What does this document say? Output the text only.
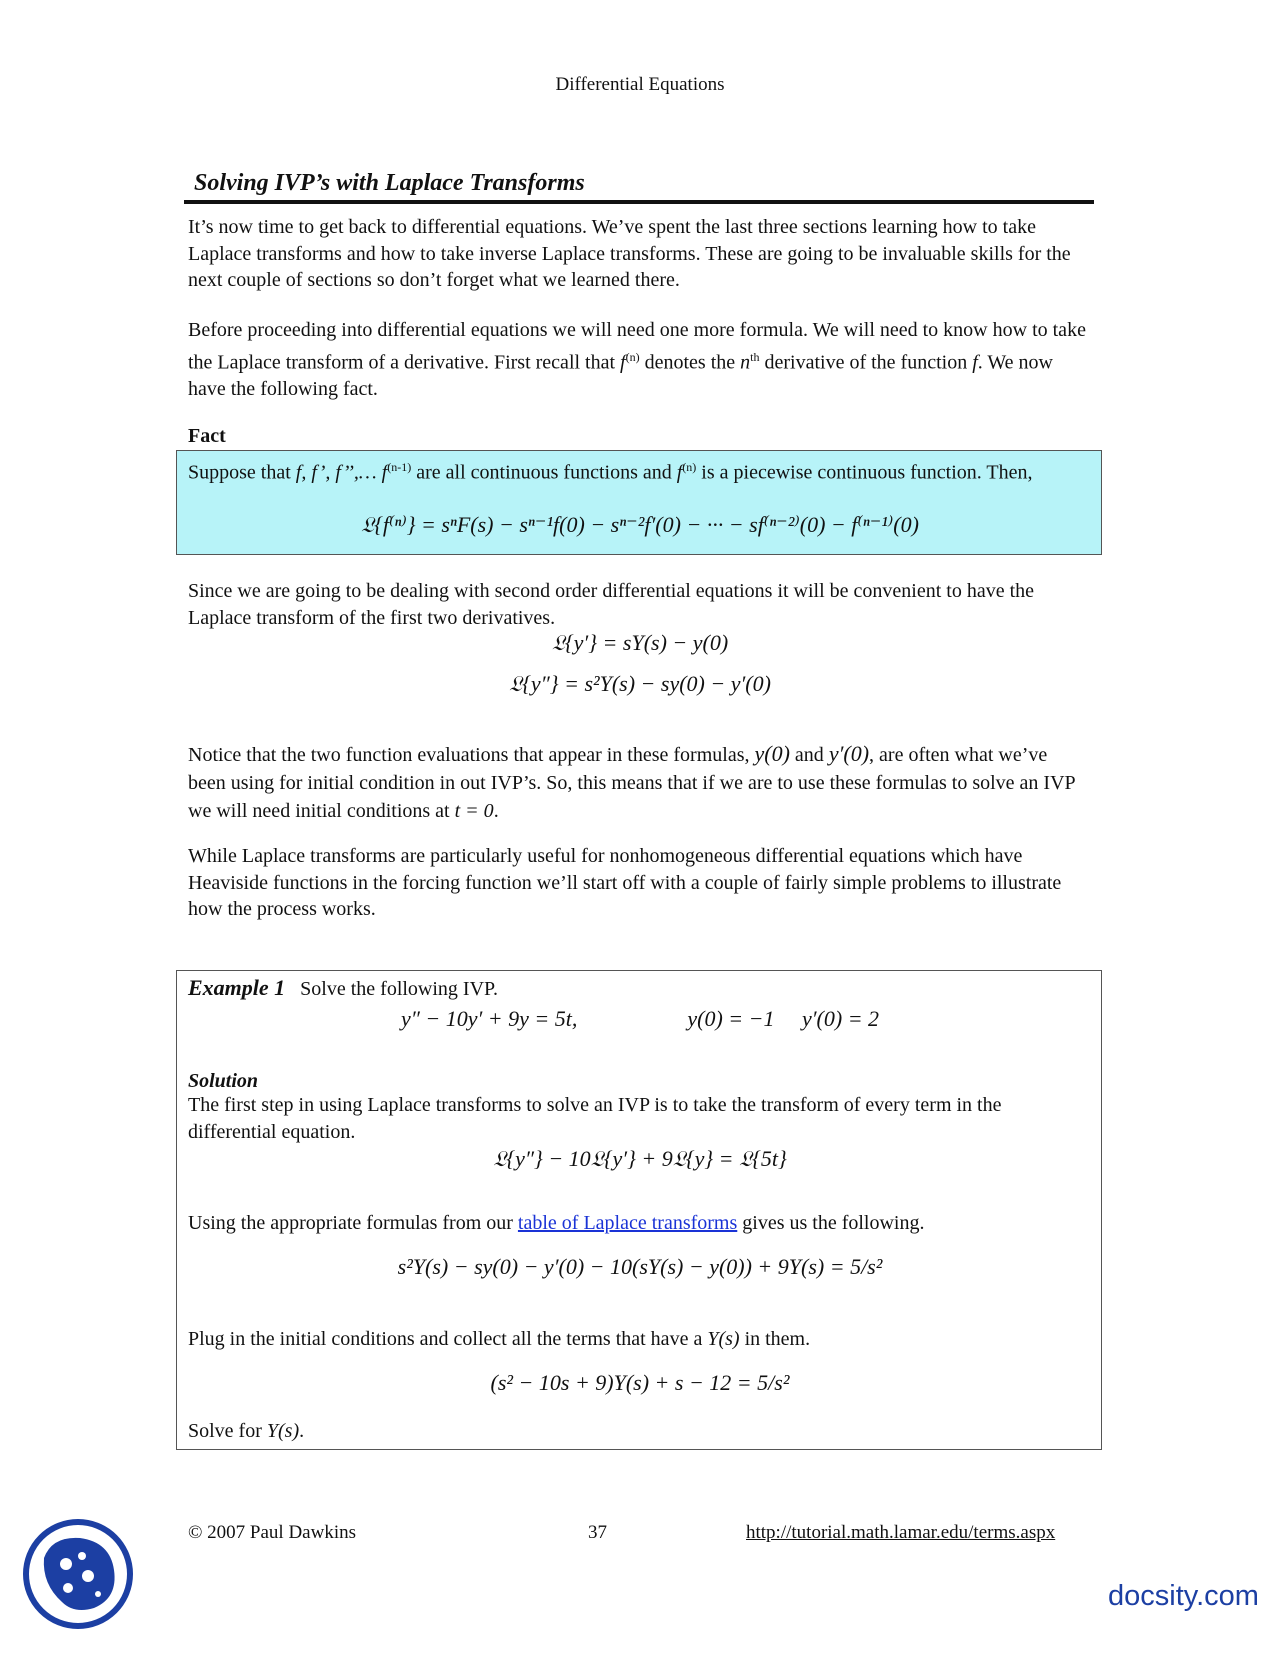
Differential Equations
Solving IVP’s with Laplace Transforms
It’s now time to get back to differential equations. We’ve spent the last three sections learning how to take Laplace transforms and how to take inverse Laplace transforms. These are going to be invaluable skills for the next couple of sections so don’t forget what we learned there.
Before proceeding into differential equations we will need one more formula. We will need to know how to take the Laplace transform of a derivative. First recall that $f^{(n)}$ denotes the $n^{th}$ derivative of the function f. We now have the following fact.
Fact
Suppose that f, f’, f’’,… $f^{(n-1)}$ are all continuous functions and $f^{(n)}$ is a piecewise continuous function. Then,
𝔏{f⁽ⁿ⁾} = sⁿF(s) − sⁿ⁻¹f(0) − sⁿ⁻²f′(0) − ··· − sf⁽ⁿ⁻²⁾(0) − f⁽ⁿ⁻¹⁾(0)
Since we are going to be dealing with second order differential equations it will be convenient to have the Laplace transform of the first two derivatives.
𝔏{y′} = sY(s) − y(0)
𝔏{y″} = s²Y(s) − sy(0) − y′(0)
Notice that the two function evaluations that appear in these formulas, y(0) and y′(0), are often what we’ve been using for initial condition in out IVP’s. So, this means that if we are to use these formulas to solve an IVP we will need initial conditions at t = 0.
While Laplace transforms are particularly useful for nonhomogeneous differential equations which have Heaviside functions in the forcing function we’ll start off with a couple of fairly simple problems to illustrate how the process works.
Example 1 Solve the following IVP.
y″ − 10y′ + 9y = 5t,                    y(0) = −1     y′(0) = 2
Solution
The first step in using Laplace transforms to solve an IVP is to take the transform of every term in the differential equation.
𝔏{y″} − 10𝔏{y′} + 9𝔏{y} = 𝔏{5t}
Using the appropriate formulas from our table of Laplace transforms gives us the following.
s²Y(s) − sy(0) − y′(0) − 10(sY(s) − y(0)) + 9Y(s) = 5/s²
Plug in the initial conditions and collect all the terms that have a Y(s) in them.
(s² − 10s + 9)Y(s) + s − 12 = 5/s²
Solve for Y(s).
© 2007 Paul Dawkins	37	http://tutorial.math.lamar.edu/terms.aspx
docsity.com
